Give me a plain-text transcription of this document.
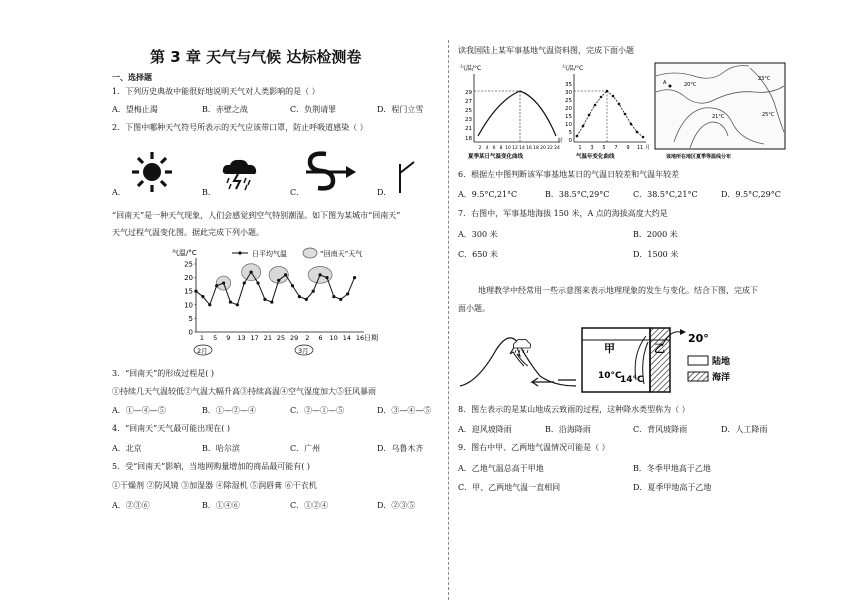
第 3 章 天气与气候 达标检测卷
一、选择题
1．下列历史典故中能很好地说明天气对人类影响的是（ ）
A．望梅止渴	B．赤壁之战	C．负荆请罪	D．程门立雪
2．下图中哪种天气符号所表示的天气应该带口罩，防止呼吸道感染（ ）
A．	B．	C．	D．
“回南天”是一种天气现象，人们会感觉到空气特别潮湿。如下图为某城市“回南天”
天气过程气温变化图。据此完成下列小题。
气温/°C	日平均气温	“回南天”天气
25
20
15
10
5
0
1 5 9 13 17 21 25 29 2 6 10 14 16 日期
2月	3月
3．“回南天”的形成过程是( )
①持续几天气温较低②气温大幅升高③持续高温④空气湿度加大⑤狂风暴雨
A．①—④—⑤	B．①—②—④	C．②—①—⑤	D．③—④—⑤
4．“回南天”天气最可能出现在( )
A．北京	B．哈尔滨	C．广州	D．乌鲁木齐
5．受“回南天”影响，当地网购量增加的商品最可能有( )
①干燥剂 ②防风镜 ③加湿器 ④除湿机 ⑤润唇膏 ⑥干衣机
A．②③⑥	B．①④⑥	C．①②④	D．②③⑤
读我国陆上某军事基地气温资料图，完成下面小题
气温/°C
29
27
25
23
21
18
2 4 6 8 10 12 14 16 18 20 22 24
时
夏季某日气温变化曲线
气温/°C
35
30
25
20
15
10
5
0
1 3 5 7 9 11 月
气温年变化曲线
A	20°C
23°C
21°C	25°C
该地所在地区夏季等温线分布
6．根据左中图判断该军事基地某日的气温日较差和气温年较差
A．9.5°C,21°C	B．38.5°C,29°C	C．38.5°C,21°C	D．9.5°C,29°C
7．右图中，军事基地海拔 150 米，A 点的海拔高度大约是
A．300 米	B．2000 米
C．650 米	D．1500 米
地理教学中经常用一些示意图来表示地理现象的发生与变化。结合下图，完成下
面小题。
甲	乙
10°C
14°C
20°
陆地
海洋
8．图左表示的是某山地成云致雨的过程，这种降水类型称为（ ）
A．迎风坡降雨	B．沿海降雨	C．背风坡降雨	D．人工降雨
9．图右中甲、乙两地气温情况可能是（ ）
A．乙地气温总高于甲地	B．冬季甲地高于乙地
C．甲、乙两地气温一直相同	D．夏季甲地高于乙地
